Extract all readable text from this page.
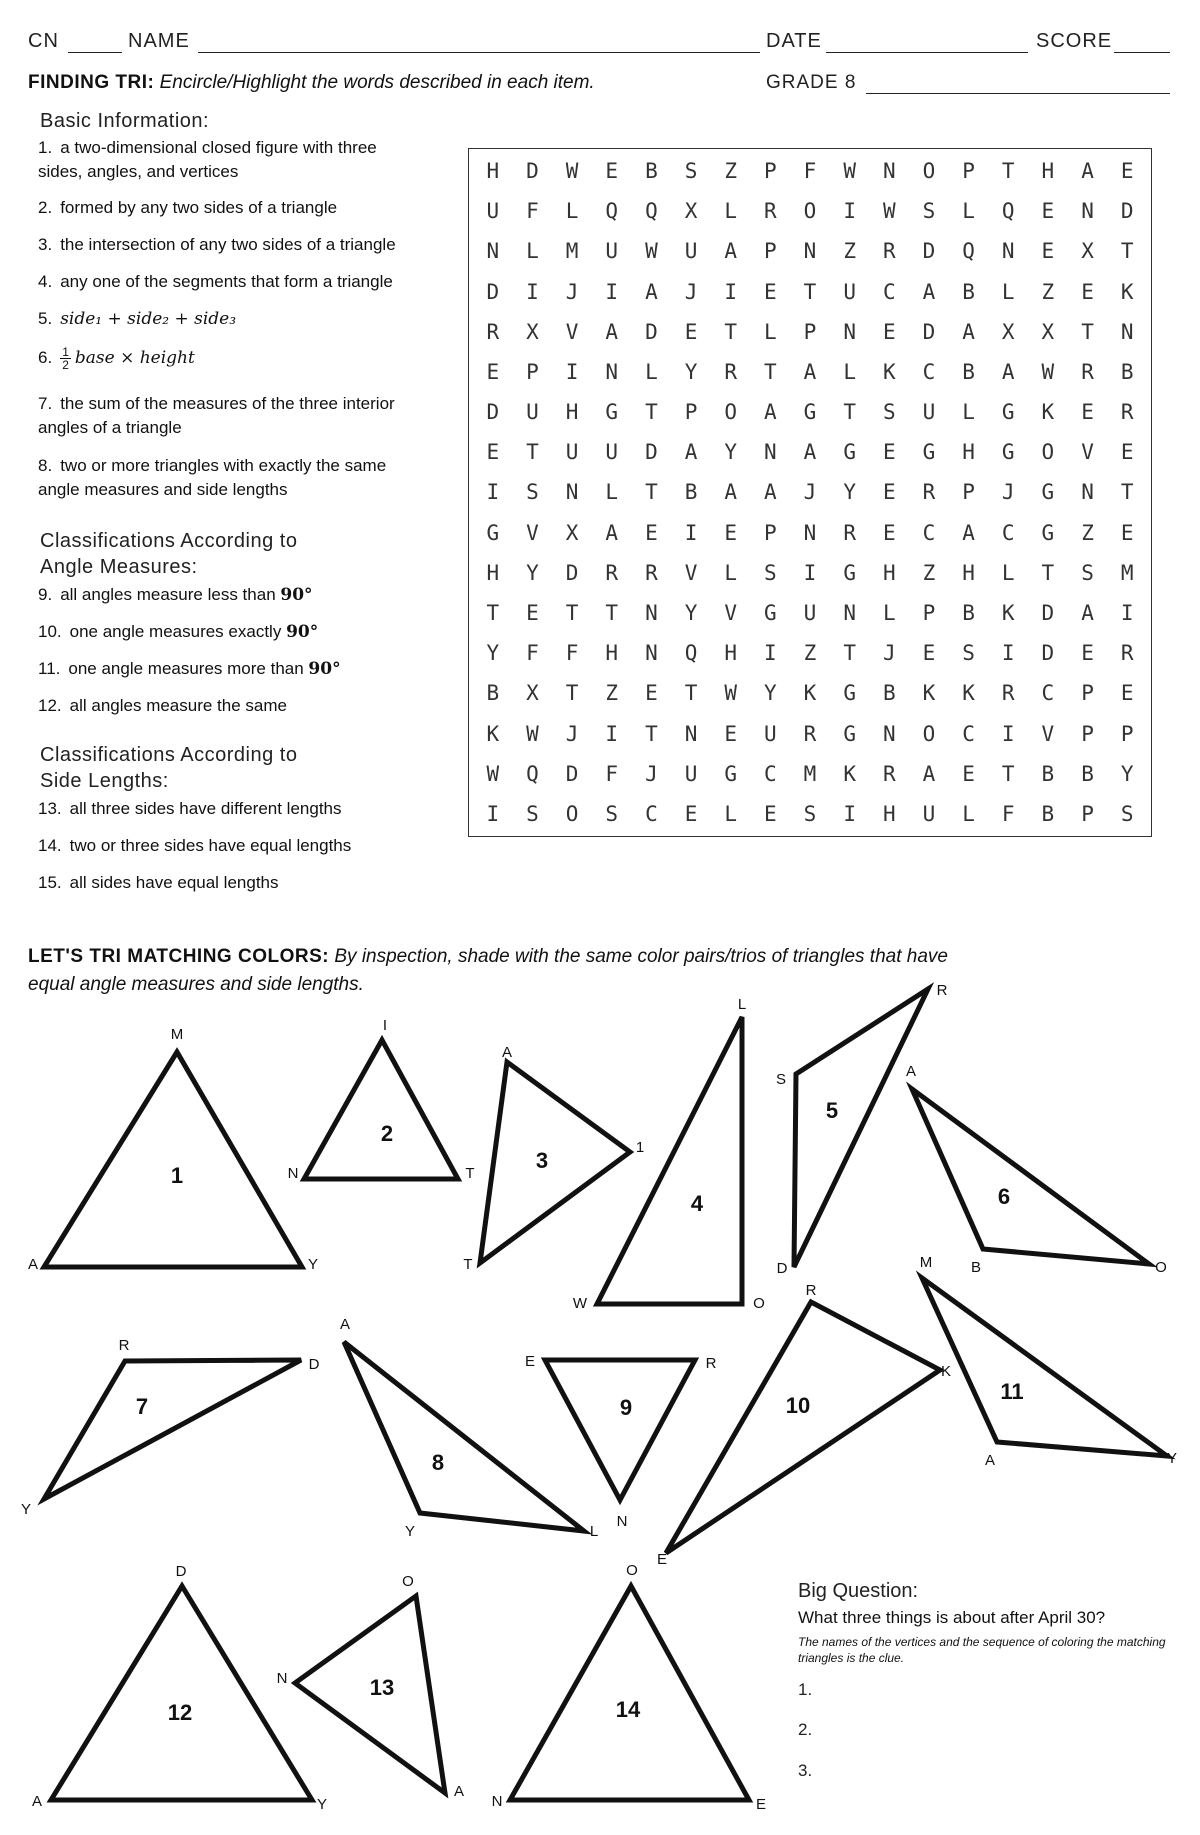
CN	NAME	DATE	SCORE
FINDING TRI: Encircle/Highlight the words described in each item.	GRADE 8
Basic Information:
1. a two-dimensional closed figure with three
sides, angles, and vertices
2. formed by any two sides of a triangle
3. the intersection of any two sides of a triangle
4. any one of the segments that form a triangle
5. side₁ + side₂ + side₃
6. $\frac{1}{2}$ base × height
7. the sum of the measures of the three interior
angles of a triangle
8. two or more triangles with exactly the same
angle measures and side lengths
Classifications According to
Angle Measures:
9. all angles measure less than 90°
10. one angle measures exactly 90°
11. one angle measures more than 90°
12. all angles measure the same
Classifications According to
Side Lengths:
13. all three sides have different lengths
14. two or three sides have equal lengths
15. all sides have equal lengths
H	D	W	E	B	S	Z	P	F	W	N	O	P	T	H	A	E
U	F	L	Q	Q	X	L	R	O	I	W	S	L	Q	E	N	D
N	L	M	U	W	U	A	P	N	Z	R	D	Q	N	E	X	T
D	I	J	I	A	J	I	E	T	U	C	A	B	L	Z	E	K
R	X	V	A	D	E	T	L	P	N	E	D	A	X	X	T	N
E	P	I	N	L	Y	R	T	A	L	K	C	B	A	W	R	B
D	U	H	G	T	P	O	A	G	T	S	U	L	G	K	E	R
E	T	U	U	D	A	Y	N	A	G	E	G	H	G	O	V	E
I	S	N	L	T	B	A	A	J	Y	E	R	P	J	G	N	T
G	V	X	A	E	I	E	P	N	R	E	C	A	C	G	Z	E
H	Y	D	R	R	V	L	S	I	G	H	Z	H	L	T	S	M
T	E	T	T	N	Y	V	G	U	N	L	P	B	K	D	A	I
Y	F	F	H	N	Q	H	I	Z	T	J	E	S	I	D	E	R
B	X	T	Z	E	T	W	Y	K	G	B	K	K	R	C	P	E
K	W	J	I	T	N	E	U	R	G	N	O	C	I	V	P	P
W	Q	D	F	J	U	G	C	M	K	R	A	E	T	B	B	Y
I	S	O	S	C	E	L	E	S	I	H	U	L	F	B	P	S
LET'S TRI MATCHING COLORS: By inspection, shade with the same color pairs/trios of triangles that have
equal angle measures and side lengths.
1
M
A	Y
2
I
N	T
3
A
1
T
4
L
W	O
5
R
S
D
6
A
B	O
7
R
D
Y
8
A
Y	L
9
E	R
N
10
R
K
E
11
M
A	Y
12
D
A	Y
13
O
N
A
14
O
N	E
Big Question:
What three things is about after April 30?
The names of the vertices and the sequence of coloring the matching triangles is the clue.
1.
2.
3.
